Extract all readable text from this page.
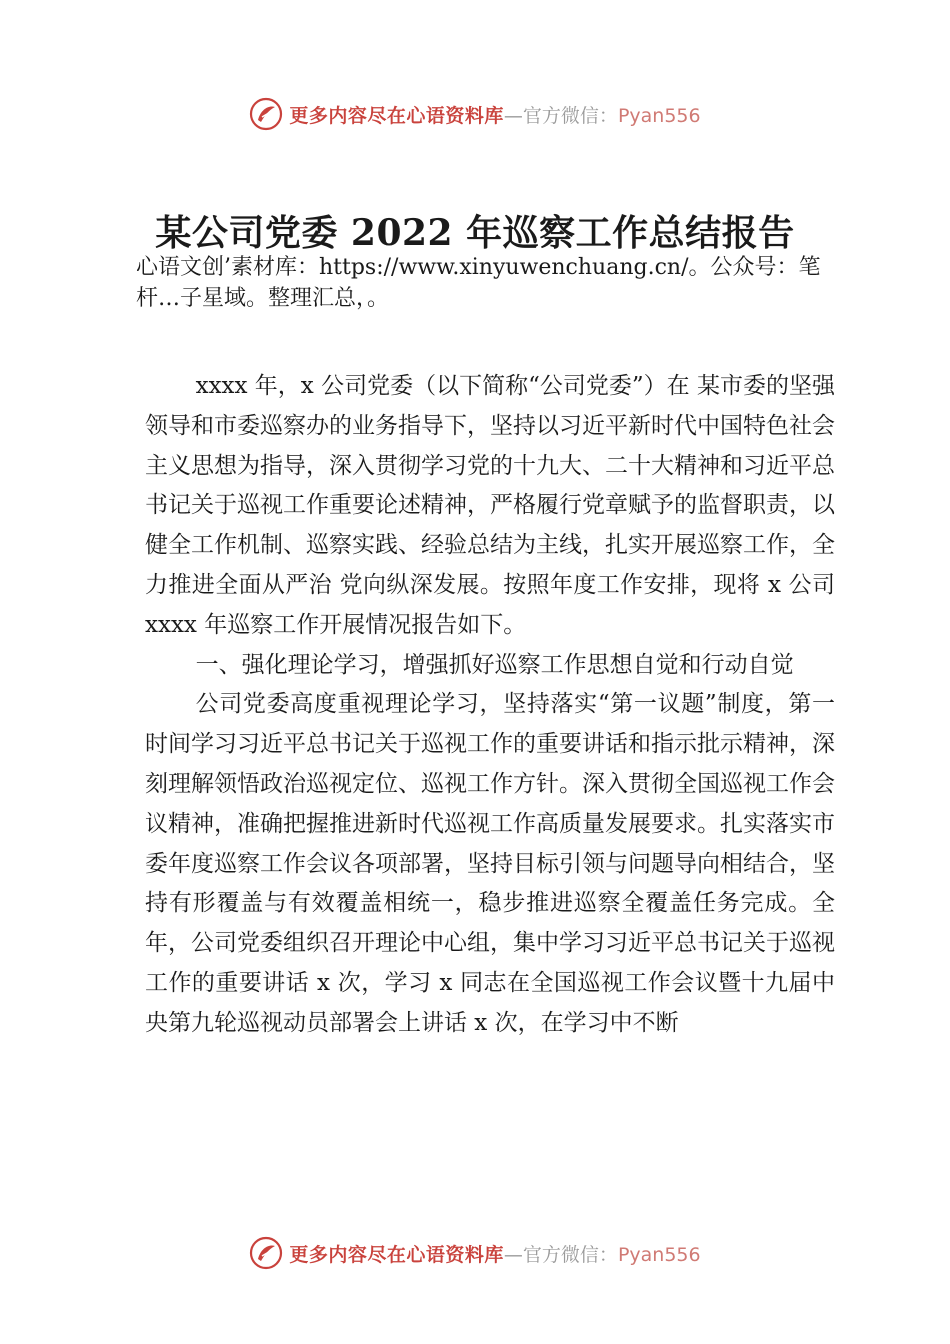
更多内容尽在心语资料库 —官方微信：Pyan556
某公司党委 2022 年巡察工作总结报告

心语文创’素材库：https://www.xinyuwenchuang.cn/。公众号：笔杆…子星域。整理汇总，。

xxxx 年，x 公司党委（以下简称“公司党委”）在 某市委的坚强领导和市委巡察办的业务指导下，坚持以习近平新时代中国特色社会主义思想为指导，深入贯彻学习党的十九大、二十大精神和习近平总书记关于巡视工作重要论述精神，严格履行党章赋予的监督职责，以健全工作机制、巡察实践、经验总结为主线，扎实开展巡察工作，全力推进全面从严治 党向纵深发展。按照年度工作安排，现将 x 公司 xxxx 年巡察工作开展情况报告如下。

一、强化理论学习，增强抓好巡察工作思想自觉和行动自觉

公司党委高度重视理论学习，坚持落实“第一议题”制度，第一时间学习习近平总书记关于巡视工作的重要讲话和指示批示精神，深刻理解领悟政治巡视定位、巡视工作方针。深入贯彻全国巡视工作会议精神，准确把握推进新时代巡视工作高质量发展要求。扎实落实市委年度巡察工作会议各项部署，坚持目标引领与问题导向相结合，坚持有形覆盖与有效覆盖相统一，稳步推进巡察全覆盖任务完成。全年，公司党委组织召开理论中心组，集中学习习近平总书记关于巡视工作的重要讲话 x 次，学习 x 同志在全国巡视工作会议暨十九届中央第九轮巡视动员部署会上讲话 x 次，在学习中不断

更多内容尽在心语资料库 —官方微信：Pyan556
